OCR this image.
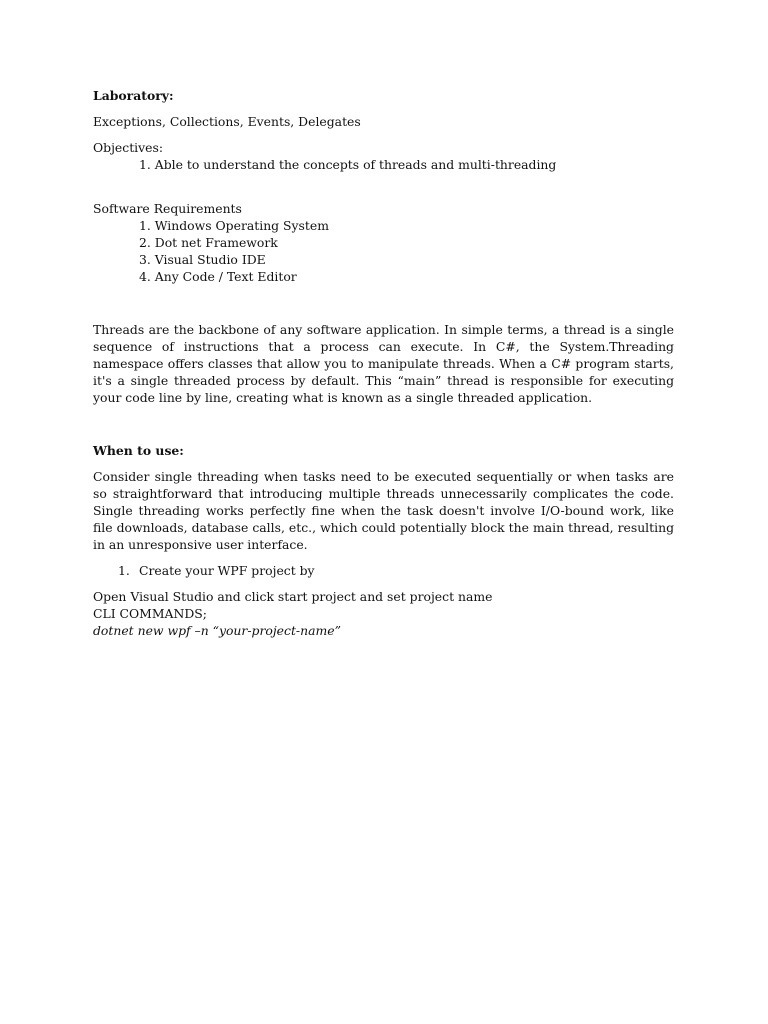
Laboratory:

Exceptions, Collections, Events, Delegates

Objectives:

1. Able to understand the concepts of threads and multi-threading

Software Requirements

1. Windows Operating System

2. Dot net Framework

3. Visual Studio IDE

4. Any Code / Text Editor

Threads are the backbone of any software application. In simple terms, a thread is a single sequence of instructions that a process can execute. In C#, the System.Threading namespace offers classes that allow you to manipulate threads. When a C# program starts, it's a single threaded process by default. This “main” thread is responsible for executing your code line by line, creating what is known as a single threaded application.

When to use:

Consider single threading when tasks need to be executed sequentially or when tasks are so straightforward that introducing multiple threads unnecessarily complicates the code. Single threading works perfectly fine when the task doesn't involve I/O-bound work, like file downloads, database calls, etc., which could potentially block the main thread, resulting in an unresponsive user interface.

1. Create your WPF project by

Open Visual Studio and click start project and set project name

CLI COMMANDS;

dotnet new wpf –n “your-project-name”
